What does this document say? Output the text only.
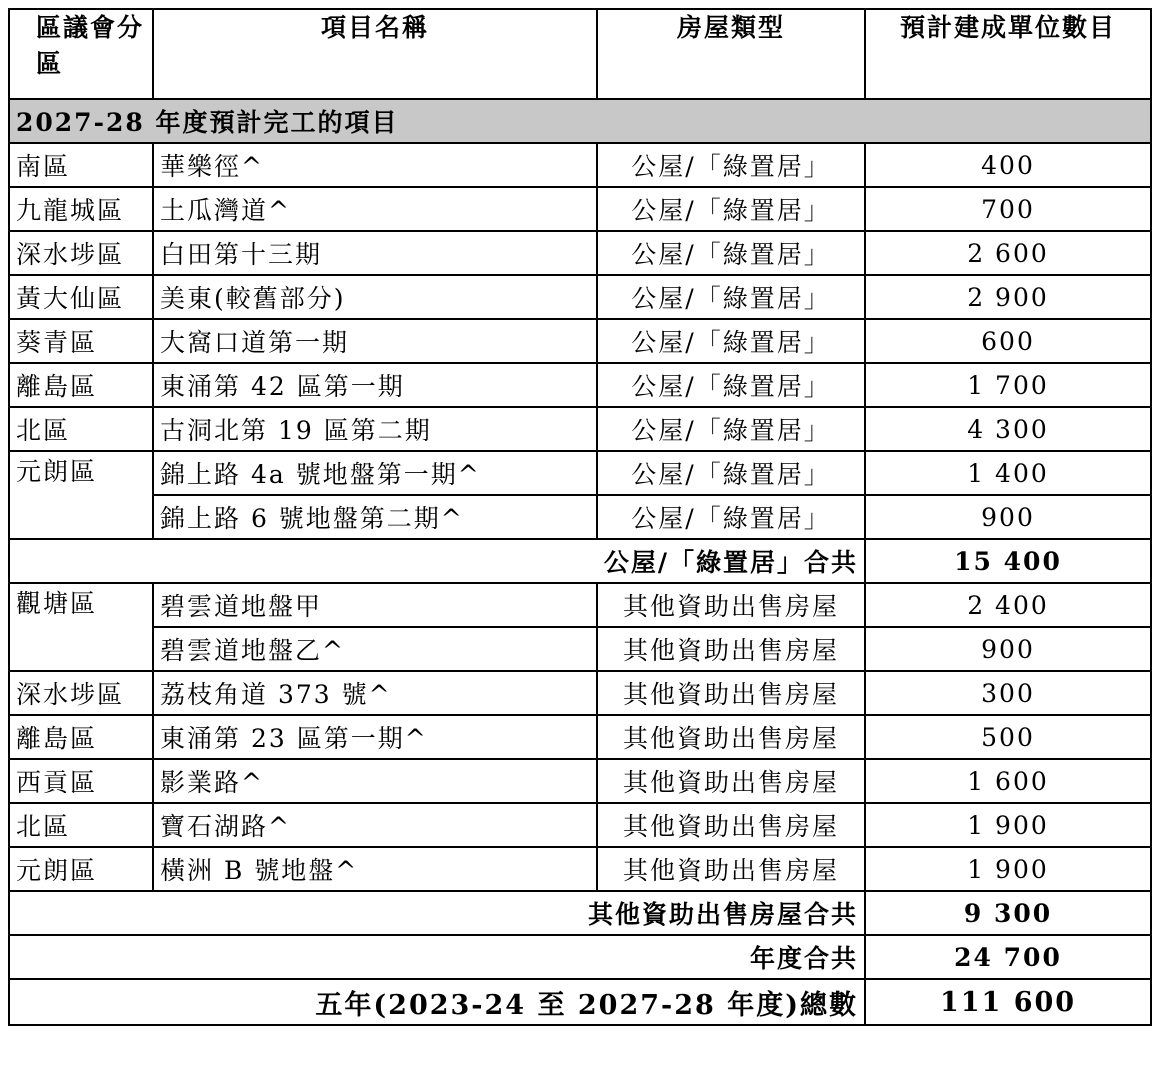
區議會分區	項目名稱	房屋類型	預計建成單位數目
2027-28 年度預計完工的項目			
南區	華樂徑^	公屋/「綠置居」	400
九龍城區	土瓜灣道^	公屋/「綠置居」	700
深水埗區	白田第十三期	公屋/「綠置居」	2 600
黃大仙區	美東(較舊部分)	公屋/「綠置居」	2 900
葵青區	大窩口道第一期	公屋/「綠置居」	600
離島區	東涌第 42 區第一期	公屋/「綠置居」	1 700
北區	古洞北第 19 區第二期	公屋/「綠置居」	4 300
元朗區	錦上路 4a 號地盤第一期^	公屋/「綠置居」	1 400
	錦上路 6 號地盤第二期^	公屋/「綠置居」	900
公屋/「綠置居」合共			15 400
觀塘區	碧雲道地盤甲	其他資助出售房屋	2 400
	碧雲道地盤乙^	其他資助出售房屋	900
深水埗區	荔枝角道 373 號^	其他資助出售房屋	300
離島區	東涌第 23 區第一期^	其他資助出售房屋	500
西貢區	影業路^	其他資助出售房屋	1 600
北區	寶石湖路^	其他資助出售房屋	1 900
元朗區	橫洲 B 號地盤^	其他資助出售房屋	1 900
其他資助出售房屋合共			9 300
年度合共			24 700
五年(2023-24 至 2027-28 年度)總數			111 600
